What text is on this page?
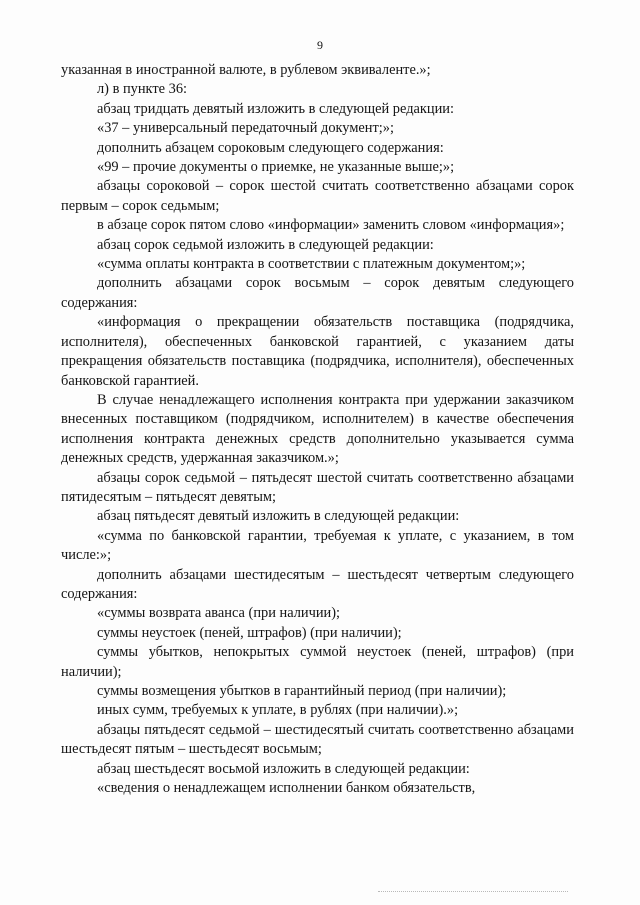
9

указанная в иностранной валюте, в рублевом эквиваленте.»;

л) в пункте 36:

абзац тридцать девятый изложить в следующей редакции:

«37 – универсальный передаточный документ;»;

дополнить абзацем сороковым следующего содержания:

«99 – прочие документы о приемке, не указанные выше;»;

абзацы сороковой – сорок шестой считать соответственно абзацами сорок первым – сорок седьмым;

в абзаце сорок пятом слово «информации» заменить словом «информация»;

абзац сорок седьмой изложить в следующей редакции:

«сумма оплаты контракта в соответствии с платежным документом;»;

дополнить абзацами сорок восьмым – сорок девятым следующего содержания:

«информация о прекращении обязательств поставщика (подрядчика, исполнителя), обеспеченных банковской гарантией, с указанием даты прекращения обязательств поставщика (подрядчика, исполнителя), обеспеченных банковской гарантией.

В случае ненадлежащего исполнения контракта при удержании заказчиком внесенных поставщиком (подрядчиком, исполнителем) в качестве обеспечения исполнения контракта денежных средств дополнительно указывается сумма денежных средств, удержанная заказчиком.»;

абзацы сорок седьмой – пятьдесят шестой считать соответственно абзацами пятидесятым – пятьдесят девятым;

абзац пятьдесят девятый изложить в следующей редакции:

«сумма по банковской гарантии, требуемая к уплате, с указанием, в том числе:»;

дополнить абзацами шестидесятым – шестьдесят четвертым следующего содержания:

«суммы возврата аванса (при наличии);

суммы неустоек (пеней, штрафов) (при наличии);

суммы убытков, непокрытых суммой неустоек (пеней, штрафов) (при наличии);

суммы возмещения убытков в гарантийный период (при наличии);

иных сумм, требуемых к уплате, в рублях (при наличии).»;

абзацы пятьдесят седьмой – шестидесятый считать соответственно абзацами шестьдесят пятым – шестьдесят восьмым;

абзац шестьдесят восьмой изложить в следующей редакции:

«сведения о ненадлежащем исполнении банком обязательств,
